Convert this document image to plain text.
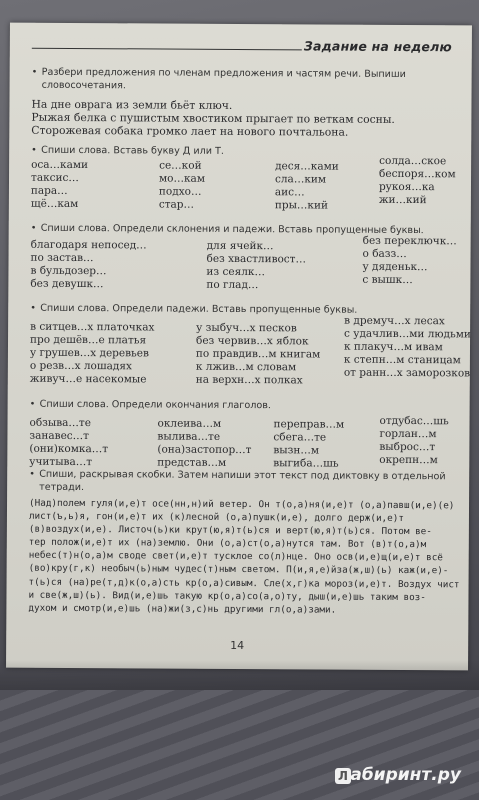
Задание на неделю
• Разбери предложения по членам предложения и частям речи. Выпиши словосочетания.
На дне оврага из земли бьёт ключ.
Рыжая белка с пушистым хвостиком прыгает по веткам сосны.
Сторожевая собака громко лает на нового почтальона.
• Спиши слова. Вставь букву Д или Т.
оса…ками
таксис…
пара…
щё…кам
се…кой
мо…кам
подхо…
стар…
деся…ками
сла…ким
аис…
пры…кий
солда…ское
беспоря…ком
рукоя…ка
жи…кий
• Спиши слова. Определи склонения и падежи. Вставь пропущенные буквы.
благодаря непосед…
по застав…
в бульдозер…
без девушк…
для ячейк…
без хвастливост…
из сеялк…
по глад…
без переключк…
о базз…
у дяденьк…
с вышк…
• Спиши слова. Определи падежи. Вставь пропущенные буквы.
в ситцев…х платочках
про дешёв…е платья
у грушев…х деревьев
о резв…х лошадях
живуч…е насекомые
у зыбуч…х песков
без червив…х яблок
по правдив…м книгам
к лжив…м словам
на верхн…х полках
в дремуч…х лесах
с удачлив…ми людьми
к плакуч…м ивам
к степн…м станицам
от ранн…х заморозков
• Спиши слова. Определи окончания глаголов.
обзыва…те
занавес…т
(они)комка…т
учитыва…т
оклеива…м
вылива…те
(она)застопор…т
представ…м
переправ…м
сбега…те
вызн…м
выгиба…шь
отдубас…шь
горлан…м
выброс…т
окрепн…м
• Спиши, раскрывая скобки. Затем напиши этот текст под диктовку в отдельной тетради.
(Над)полем гуля(и,е)т осе(нн,н)ий ветер. Он т(о,а)ня(и,е)т (о,а)павш(и,е)(е)
лист(ъ,ь)я, гон(и,е)т их (к)лесной (о,а)пушк(и,е), долго держ(и,е)т
(в)воздух(и,е). Листоч(ь)ки крут(ю,я)т(ь)ся и верт(ю,я)т(ь)ся. Потом ве-
тер полож(и,е)т их (на)землю. Они (о,а)ст(о,а)нутся там. Вот (в)т(о,а)м
небес(т)н(о,а)м своде свет(и,е)т тусклое со(л)нце. Оно осв(и,е)щ(и,е)т всё
(во)кру(г,к) необыч(ь)ным чудес(т)ным светом. П(и,я,е)йза(ж,ш)(ь) каж(и,е)-
т(ь)ся (на)ре(т,д)к(о,а)сть кр(о,а)сивым. Сле(х,г)ка мороз(и,е)т. Воздух чист
и све(ж,ш)(ь). Вид(и,е)шь такую кр(о,а)со(а,о)ту, дыш(и,е)шь таким воз-
духом и смотр(и,е)шь (на)жи(з,с)нь другими гл(о,а)зами.
14
Л абиринт.ру
